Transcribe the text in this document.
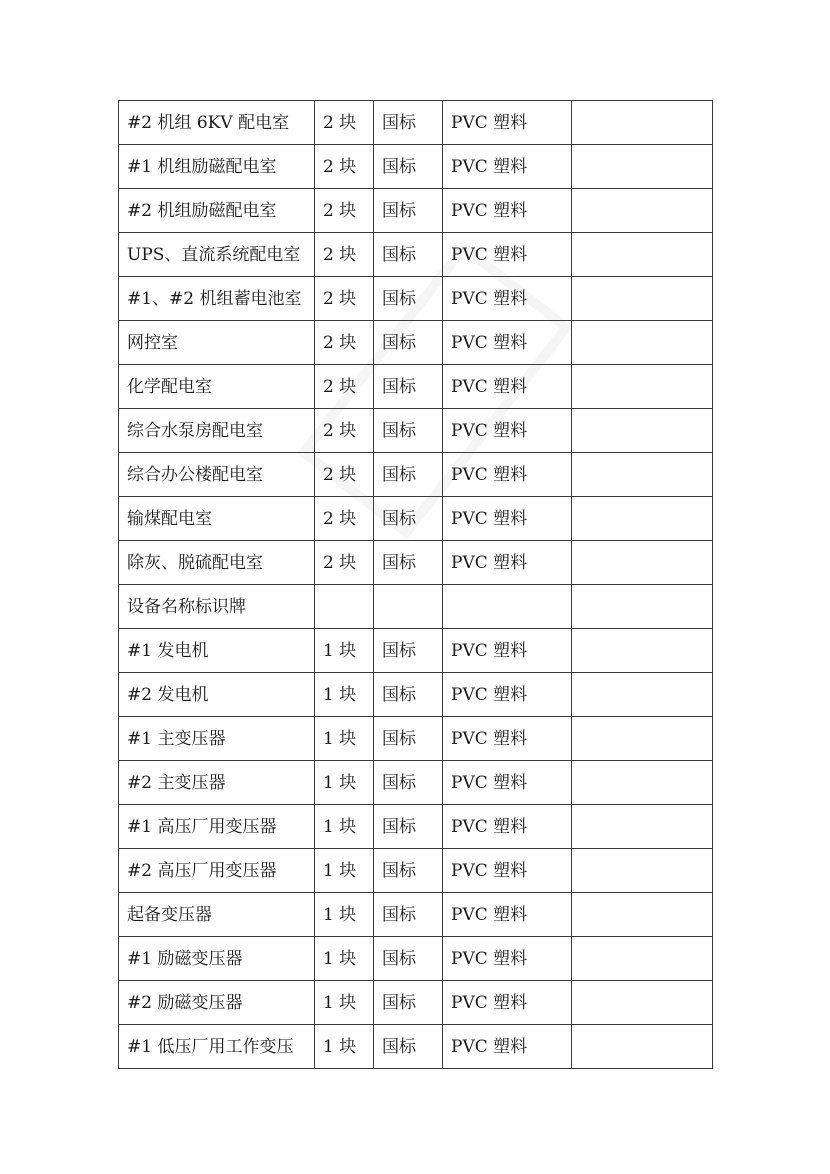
#2 机组 6KV 配电室	2 块	国标	PVC 塑料	
#1 机组励磁配电室	2 块	国标	PVC 塑料	
#2 机组励磁配电室	2 块	国标	PVC 塑料	
UPS、直流系统配电室	2 块	国标	PVC 塑料	
#1、#2 机组蓄电池室	2 块	国标	PVC 塑料	
网控室	2 块	国标	PVC 塑料	
化学配电室	2 块	国标	PVC 塑料	
综合水泵房配电室	2 块	国标	PVC 塑料	
综合办公楼配电室	2 块	国标	PVC 塑料	
输煤配电室	2 块	国标	PVC 塑料	
除灰、脱硫配电室	2 块	国标	PVC 塑料	
设备名称标识牌				
#1 发电机	1 块	国标	PVC 塑料	
#2 发电机	1 块	国标	PVC 塑料	
#1 主变压器	1 块	国标	PVC 塑料	
#2 主变压器	1 块	国标	PVC 塑料	
#1 高压厂用变压器	1 块	国标	PVC 塑料	
#2 高压厂用变压器	1 块	国标	PVC 塑料	
起备变压器	1 块	国标	PVC 塑料	
#1 励磁变压器	1 块	国标	PVC 塑料	
#2 励磁变压器	1 块	国标	PVC 塑料	
#1 低压厂用工作变压	1 块	国标	PVC 塑料	
